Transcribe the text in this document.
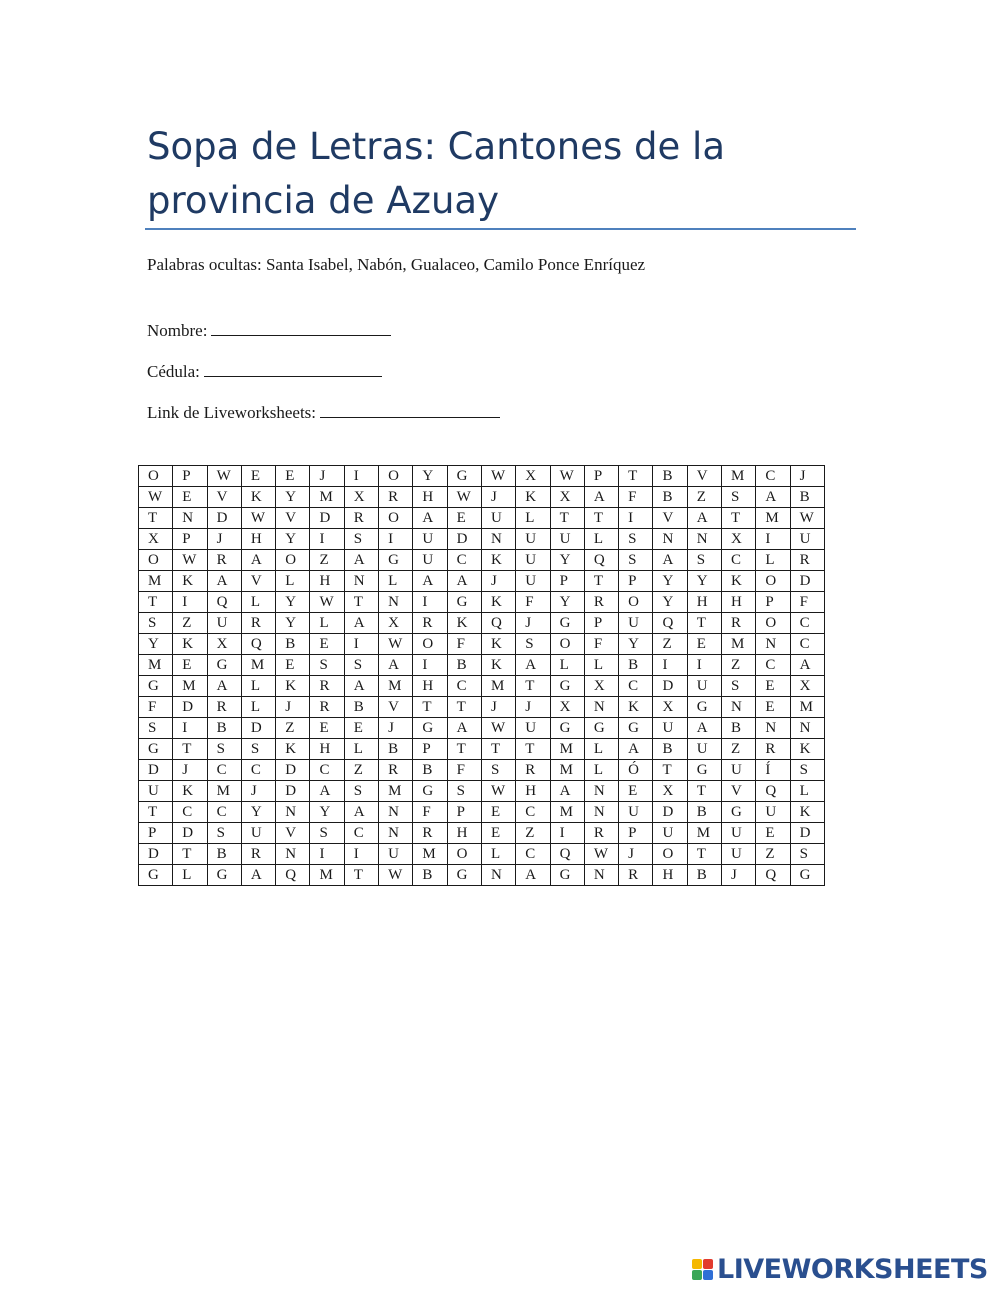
Sopa de Letras: Cantones de la provincia de Azuay
Palabras ocultas: Santa Isabel, Nabón, Gualaceo, Camilo Ponce Enríquez
Nombre:
Cédula:
Link de Liveworksheets:
O	P	W	E	E	J	I	O	Y	G	W	X	W	P	T	B	V	M	C	J
W	E	V	K	Y	M	X	R	H	W	J	K	X	A	F	B	Z	S	A	B
T	N	D	W	V	D	R	O	A	E	U	L	T	T	I	V	A	T	M	W
X	P	J	H	Y	I	S	I	U	D	N	U	U	L	S	N	N	X	I	U
O	W	R	A	O	Z	A	G	U	C	K	U	Y	Q	S	A	S	C	L	R
M	K	A	V	L	H	N	L	A	A	J	U	P	T	P	Y	Y	K	O	D
T	I	Q	L	Y	W	T	N	I	G	K	F	Y	R	O	Y	H	H	P	F
S	Z	U	R	Y	L	A	X	R	K	Q	J	G	P	U	Q	T	R	O	C
Y	K	X	Q	B	E	I	W	O	F	K	S	O	F	Y	Z	E	M	N	C
M	E	G	M	E	S	S	A	I	B	K	A	L	L	B	I	I	Z	C	A
G	M	A	L	K	R	A	M	H	C	M	T	G	X	C	D	U	S	E	X
F	D	R	L	J	R	B	V	T	T	J	J	X	N	K	X	G	N	E	M
S	I	B	D	Z	E	E	J	G	A	W	U	G	G	G	U	A	B	N	N
G	T	S	S	K	H	L	B	P	T	T	T	M	L	A	B	U	Z	R	K
D	J	C	C	D	C	Z	R	B	F	S	R	M	L	Ó	T	G	U	Í	S
U	K	M	J	D	A	S	M	G	S	W	H	A	N	E	X	T	V	Q	L
T	C	C	Y	N	Y	A	N	F	P	E	C	M	N	U	D	B	G	U	K
P	D	S	U	V	S	C	N	R	H	E	Z	I	R	P	U	M	U	E	D
D	T	B	R	N	I	I	U	M	O	L	C	Q	W	J	O	T	U	Z	S
G	L	G	A	Q	M	T	W	B	G	N	A	G	N	R	H	B	J	Q	G
LIVEWORKSHEETS
